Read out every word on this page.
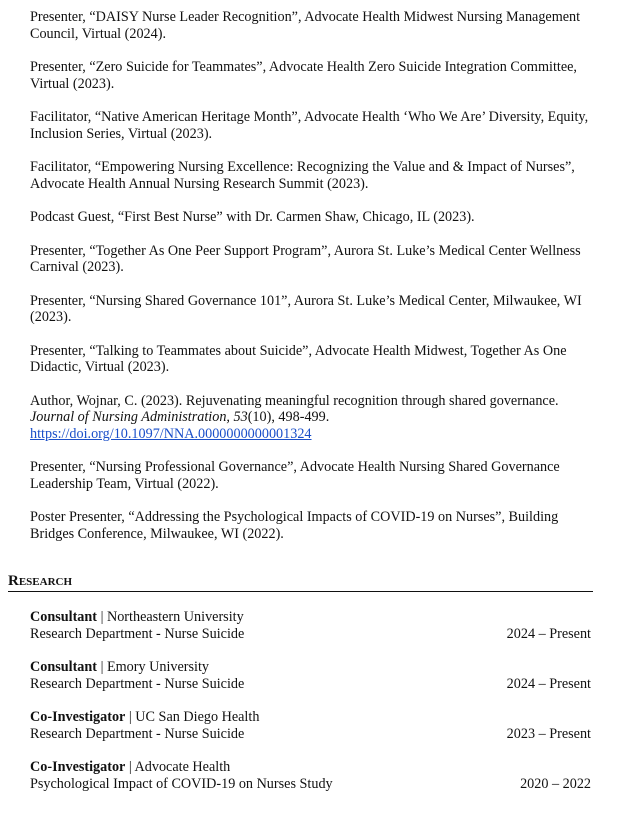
Presenter, “DAISY Nurse Leader Recognition”, Advocate Health Midwest Nursing Management Council, Virtual (2024).

Presenter, “Zero Suicide for Teammates”, Advocate Health Zero Suicide Integration Committee, Virtual (2023).

Facilitator, “Native American Heritage Month”, Advocate Health ‘Who We Are’ Diversity, Equity, Inclusion Series, Virtual (2023).

Facilitator, “Empowering Nursing Excellence: Recognizing the Value and & Impact of Nurses”, Advocate Health Annual Nursing Research Summit (2023).

Podcast Guest, “First Best Nurse” with Dr. Carmen Shaw, Chicago, IL (2023).

Presenter, “Together As One Peer Support Program”, Aurora St. Luke’s Medical Center Wellness Carnival (2023).

Presenter, “Nursing Shared Governance 101”, Aurora St. Luke’s Medical Center, Milwaukee, WI (2023).

Presenter, “Talking to Teammates about Suicide”, Advocate Health Midwest, Together As One Didactic, Virtual (2023).

Author, Wojnar, C. (2023). Rejuvenating meaningful recognition through shared governance. Journal of Nursing Administration, 53(10), 498-499.
https://doi.org/10.1097/NNA.0000000000001324

Presenter, “Nursing Professional Governance”, Advocate Health Nursing Shared Governance Leadership Team, Virtual (2022).

Poster Presenter, “Addressing the Psychological Impacts of COVID-19 on Nurses”, Building Bridges Conference, Milwaukee, WI (2022).

Research
Consultant | Northeastern University
Research Department - Nurse Suicide	2024 – Present
Consultant | Emory University
Research Department - Nurse Suicide	2024 – Present
Co-Investigator | UC San Diego Health
Research Department - Nurse Suicide	2023 – Present
Co-Investigator | Advocate Health
Psychological Impact of COVID-19 on Nurses Study	2020 – 2022
